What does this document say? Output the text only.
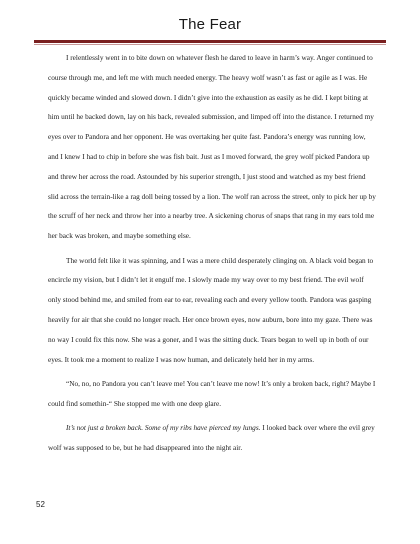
The Fear

I relentlessly went in to bite down on whatever flesh he dared to leave in harm’s way. Anger continued to course through me, and left me with much needed energy. The heavy wolf wasn’t as fast or agile as I was. He quickly became winded and slowed down. I didn’t give into the exhaustion as easily as he did. I kept biting at him until he backed down, lay on his back, revealed submission, and limped off into the distance. I returned my eyes over to Pandora and her opponent. He was overtaking her quite fast. Pandora’s energy was running low, and I knew I had to chip in before she was fish bait. Just as I moved forward, the grey wolf picked Pandora up and threw her across the road. Astounded by his superior strength, I just stood and watched as my best friend slid across the terrain-like a rag doll being tossed by a lion. The wolf ran across the street, only to pick her up by the scruff of her neck and throw her into a nearby tree. A sickening chorus of snaps that rang in my ears told me her back was broken, and maybe something else.

The world felt like it was spinning, and I was a mere child desperately clinging on. A black void began to encircle my vision, but I didn’t let it engulf me. I slowly made my way over to my best friend. The evil wolf only stood behind me, and smiled from ear to ear, revealing each and every yellow tooth. Pandora was gasping heavily for air that she could no longer reach. Her once brown eyes, now auburn, bore into my gaze. There was no way I could fix this now. She was a goner, and I was the sitting duck. Tears began to well up in both of our eyes. It took me a moment to realize I was now human, and delicately held her in my arms.

“No, no, no Pandora you can’t leave me! You can’t leave me now! It’s only a broken back, right? Maybe I could find somethin-“ She stopped me with one deep glare.

It’s not just a broken back. Some of my ribs have pierced my lungs. I looked back over where the evil grey wolf was supposed to be, but he had disappeared into the night air.

52
